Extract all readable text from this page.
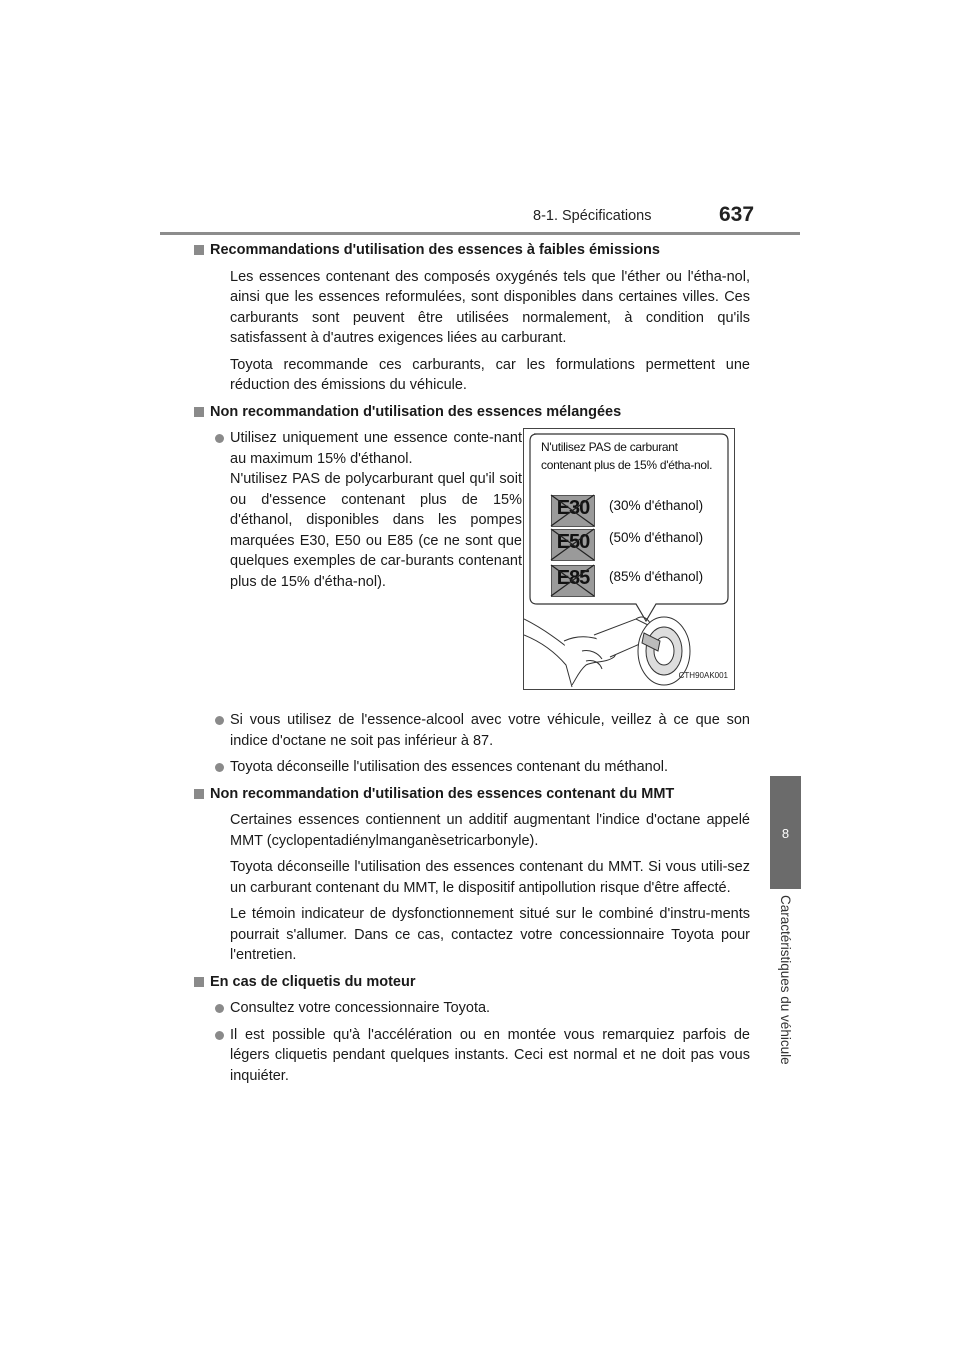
8-1. Spécifications	637
8
Caractéristiques du véhicule
Recommandations d'utilisation des essences à faibles émissions
Les essences contenant des composés oxygénés tels que l'éther ou l'étha-nol, ainsi que les essences reformulées, sont disponibles dans certaines villes. Ces carburants sont peuvent être utilisées normalement, à condition qu'ils satisfassent à d'autres exigences liées au carburant.
Toyota recommande ces carburants, car les formulations permettent une réduction des émissions du véhicule.
Non recommandation d'utilisation des essences mélangées
Utilisez uniquement une essence conte-nant au maximum 15% d'éthanol.
N'utilisez PAS de polycarburant quel qu'il soit ou d'essence contenant plus de 15% d'éthanol, disponibles dans les pompes marquées E30, E50 ou E85 (ce ne sont que quelques exemples de car-burants contenant plus de 15% d'étha-nol).
N'utilisez PAS de carburant contenant plus de 15% d'étha-nol.
E30	(30% d'éthanol)
E50	(50% d'éthanol)
E85	(85% d'éthanol)
CTH90AK001
Si vous utilisez de l'essence-alcool avec votre véhicule, veillez à ce que son indice d'octane ne soit pas inférieur à 87.
Toyota déconseille l'utilisation des essences contenant du méthanol.
Non recommandation d'utilisation des essences contenant du MMT
Certaines essences contiennent un additif augmentant l'indice d'octane appelé MMT (cyclopentadiénylmanganèsetricarbonyle).
Toyota déconseille l'utilisation des essences contenant du MMT. Si vous utili-sez un carburant contenant du MMT, le dispositif antipollution risque d'être affecté.
Le témoin indicateur de dysfonctionnement situé sur le combiné d'instru-ments pourrait s'allumer. Dans ce cas, contactez votre concessionnaire Toyota pour l'entretien.
En cas de cliquetis du moteur
Consultez votre concessionnaire Toyota.
Il est possible qu'à l'accélération ou en montée vous remarquiez parfois de légers cliquetis pendant quelques instants. Ceci est normal et ne doit pas vous inquiéter.
